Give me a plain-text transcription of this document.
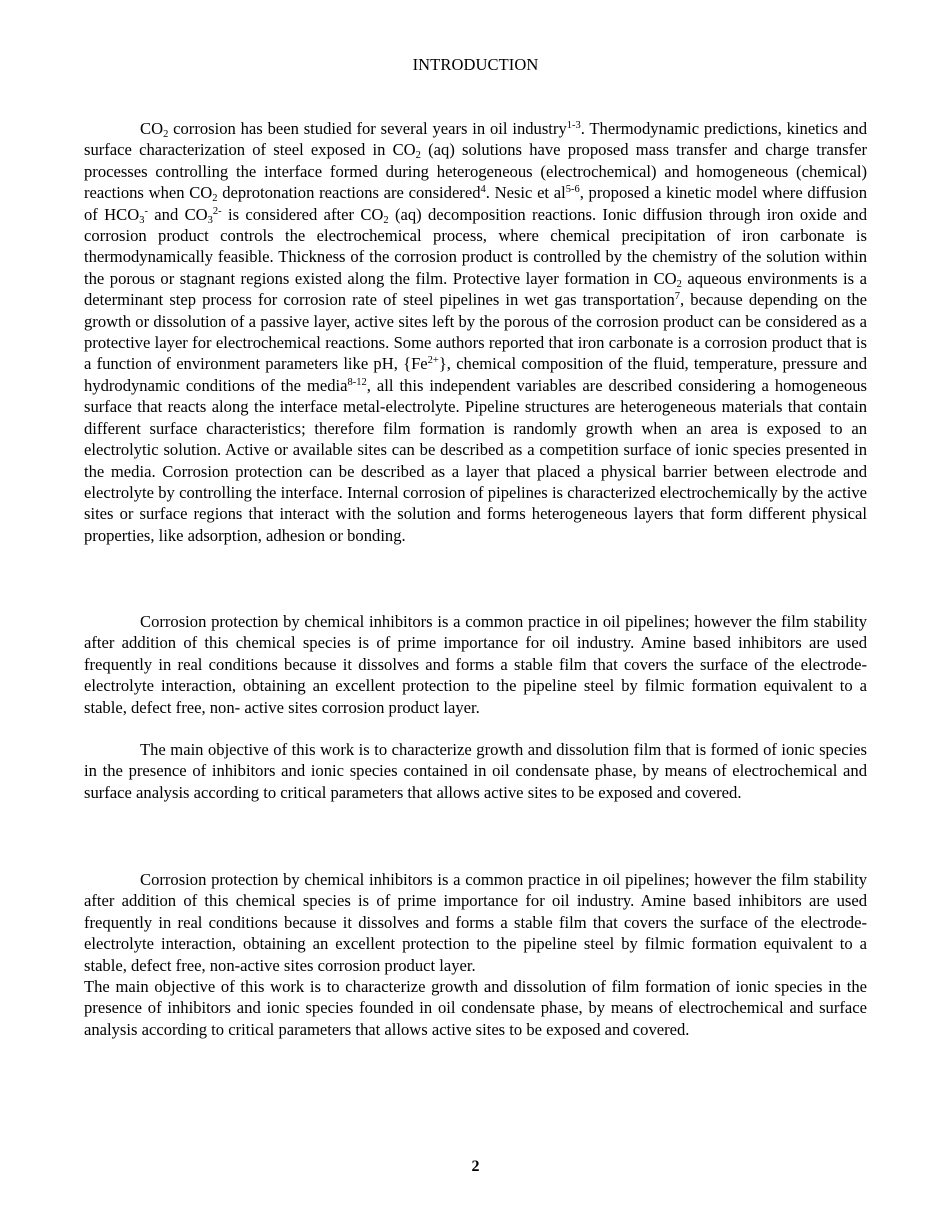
INTRODUCTION

$CO_2$ corrosion has been studied for several years in oil industry$^{1-3}$. Thermodynamic predictions, kinetics and surface characterization of steel exposed in $CO_2$ (aq) solutions have proposed mass transfer and charge transfer processes controlling the interface formed during heterogeneous (electrochemical) and homogeneous (chemical) reactions when $CO_2$ deprotonation reactions are considered$^4$. Nesic et $al^{5-6}$, proposed a kinetic model where diffusion of $HCO_3^-$ and $CO_3^{2-}$ is considered after $CO_2$ (aq) decomposition reactions. Ionic diffusion through iron oxide and corrosion product controls the electrochemical process, where chemical precipitation of iron carbonate is thermodynamically feasible. Thickness of the corrosion product is controlled by the chemistry of the solution within the porous or stagnant regions existed along the film. Protective layer formation in $CO_2$ aqueous environments is a determinant step process for corrosion rate of steel pipelines in wet gas transportation$^7$, because depending on the growth or dissolution of a passive layer, active sites left by the porous of the corrosion product can be considered as a protective layer for electrochemical reactions. Some authors reported that iron carbonate is a corrosion product that is a function of environment parameters like pH, $\{Fe^{2+}\}$, chemical composition of the fluid, temperature, pressure and hydrodynamic conditions of the media$^{8-12}$, all this independent variables are described considering a homogeneous surface that reacts along the interface metal-electrolyte. Pipeline structures are heterogeneous materials that contain different surface characteristics; therefore film formation is randomly growth when an area is exposed to an electrolytic solution. Active or available sites can be described as a competition surface of ionic species presented in the media. Corrosion protection can be described as a layer that placed a physical barrier between electrode and electrolyte by controlling the interface. Internal corrosion of pipelines is characterized electrochemically by the active sites or surface regions that interact with the solution and forms heterogeneous layers that form different physical properties, like adsorption, adhesion or bonding.

Corrosion protection by chemical inhibitors is a common practice in oil pipelines; however the film stability after addition of this chemical species is of prime importance for oil industry. Amine based inhibitors are used frequently in real conditions because it dissolves and forms a stable film that covers the surface of the electrode-electrolyte interaction, obtaining an excellent protection to the pipeline steel by filmic formation equivalent to a stable, defect free, non- active sites corrosion product layer.

The main objective of this work is to characterize growth and dissolution film that is formed of ionic species in the presence of inhibitors and ionic species contained in oil condensate phase, by means of electrochemical and surface analysis according to critical parameters that allows active sites to be exposed and covered.

Corrosion protection by chemical inhibitors is a common practice in oil pipelines; however the film stability after addition of this chemical species is of prime importance for oil industry. Amine based inhibitors are used frequently in real conditions because it dissolves and forms a stable film that covers the surface of the electrode-electrolyte interaction, obtaining an excellent protection to the pipeline steel by filmic formation equivalent to a stable, defect free, non-active sites corrosion product layer.
The main objective of this work is to characterize growth and dissolution of film formation of ionic species in the presence of inhibitors and ionic species founded in oil condensate phase, by means of electrochemical and surface analysis according to critical parameters that allows active sites to be exposed and covered.

2
